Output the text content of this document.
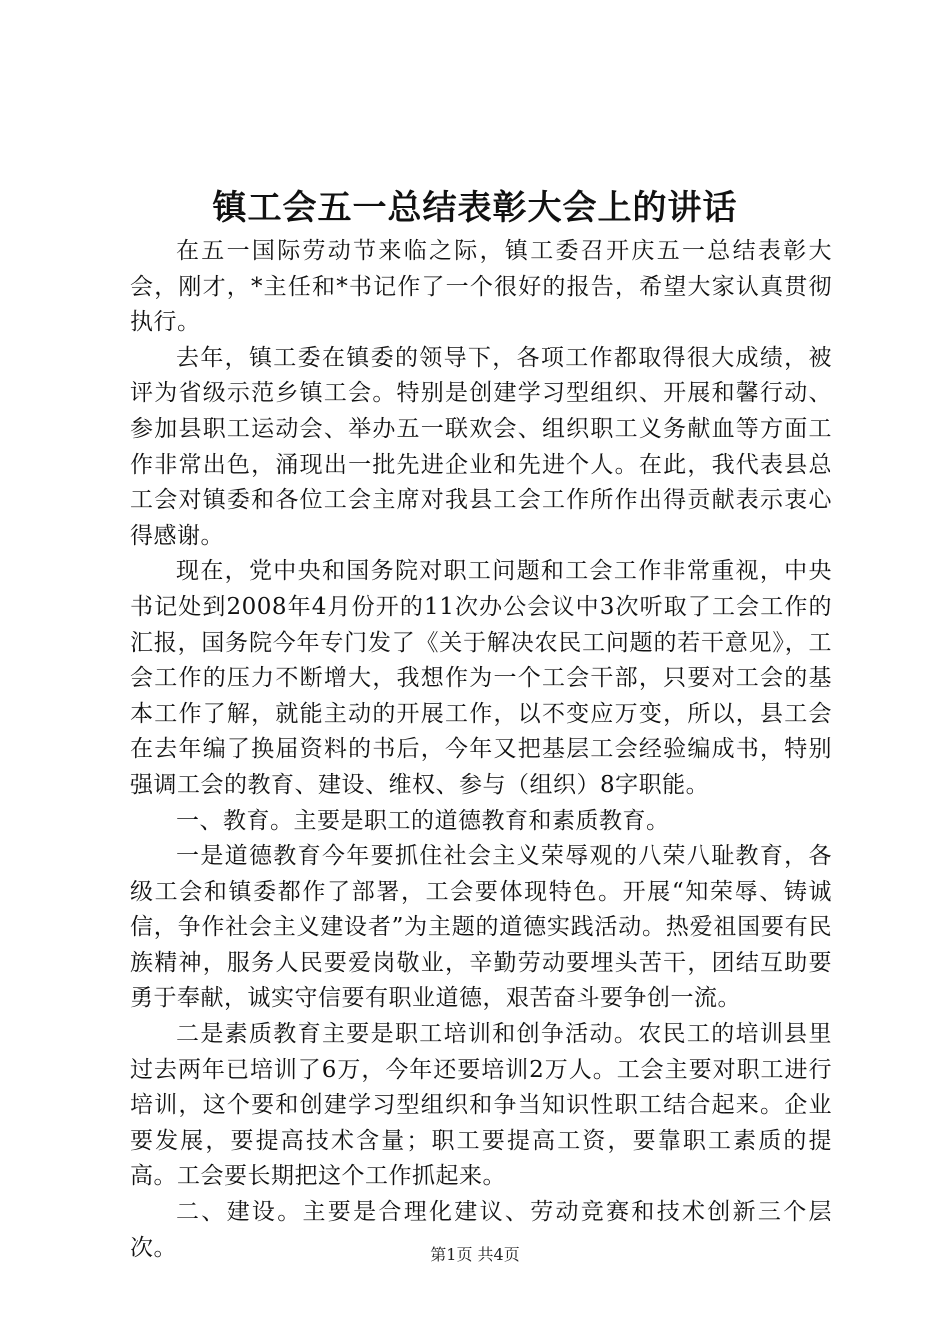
镇工会五一总结表彰大会上的讲话

在五一国际劳动节来临之际，镇工委召开庆五一总结表彰大会，刚才，*主任和*书记作了一个很好的报告，希望大家认真贯彻执行。

去年，镇工委在镇委的领导下，各项工作都取得很大成绩，被评为省级示范乡镇工会。特别是创建学习型组织、开展和馨行动、参加县职工运动会、举办五一联欢会、组织职工义务献血等方面工作非常出色，涌现出一批先进企业和先进个人。在此，我代表县总工会对镇委和各位工会主席对我县工会工作所作出得贡献表示衷心得感谢。

现在，党中央和国务院对职工问题和工会工作非常重视，中央书记处到2008年4月份开的11次办公会议中3次听取了工会工作的汇报，国务院今年专门发了《关于解决农民工问题的若干意见》，工会工作的压力不断增大，我想作为一个工会干部，只要对工会的基本工作了解，就能主动的开展工作，以不变应万变，所以，县工会在去年编了换届资料的书后，今年又把基层工会经验编成书，特别强调工会的教育、建设、维权、参与（组织）8字职能。

一、教育。主要是职工的道德教育和素质教育。

一是道德教育今年要抓住社会主义荣辱观的八荣八耻教育，各级工会和镇委都作了部署，工会要体现特色。开展“知荣辱、铸诚信，争作社会主义建设者”为主题的道德实践活动。热爱祖国要有民族精神，服务人民要爱岗敬业，辛勤劳动要埋头苦干，团结互助要勇于奉献，诚实守信要有职业道德，艰苦奋斗要争创一流。

二是素质教育主要是职工培训和创争活动。农民工的培训县里过去两年已培训了6万，今年还要培训2万人。工会主要对职工进行培训，这个要和创建学习型组织和争当知识性职工结合起来。企业要发展，要提高技术含量；职工要提高工资，要靠职工素质的提高。工会要长期把这个工作抓起来。

二、建设。主要是合理化建议、劳动竞赛和技术创新三个层次。	第1页 共4页
